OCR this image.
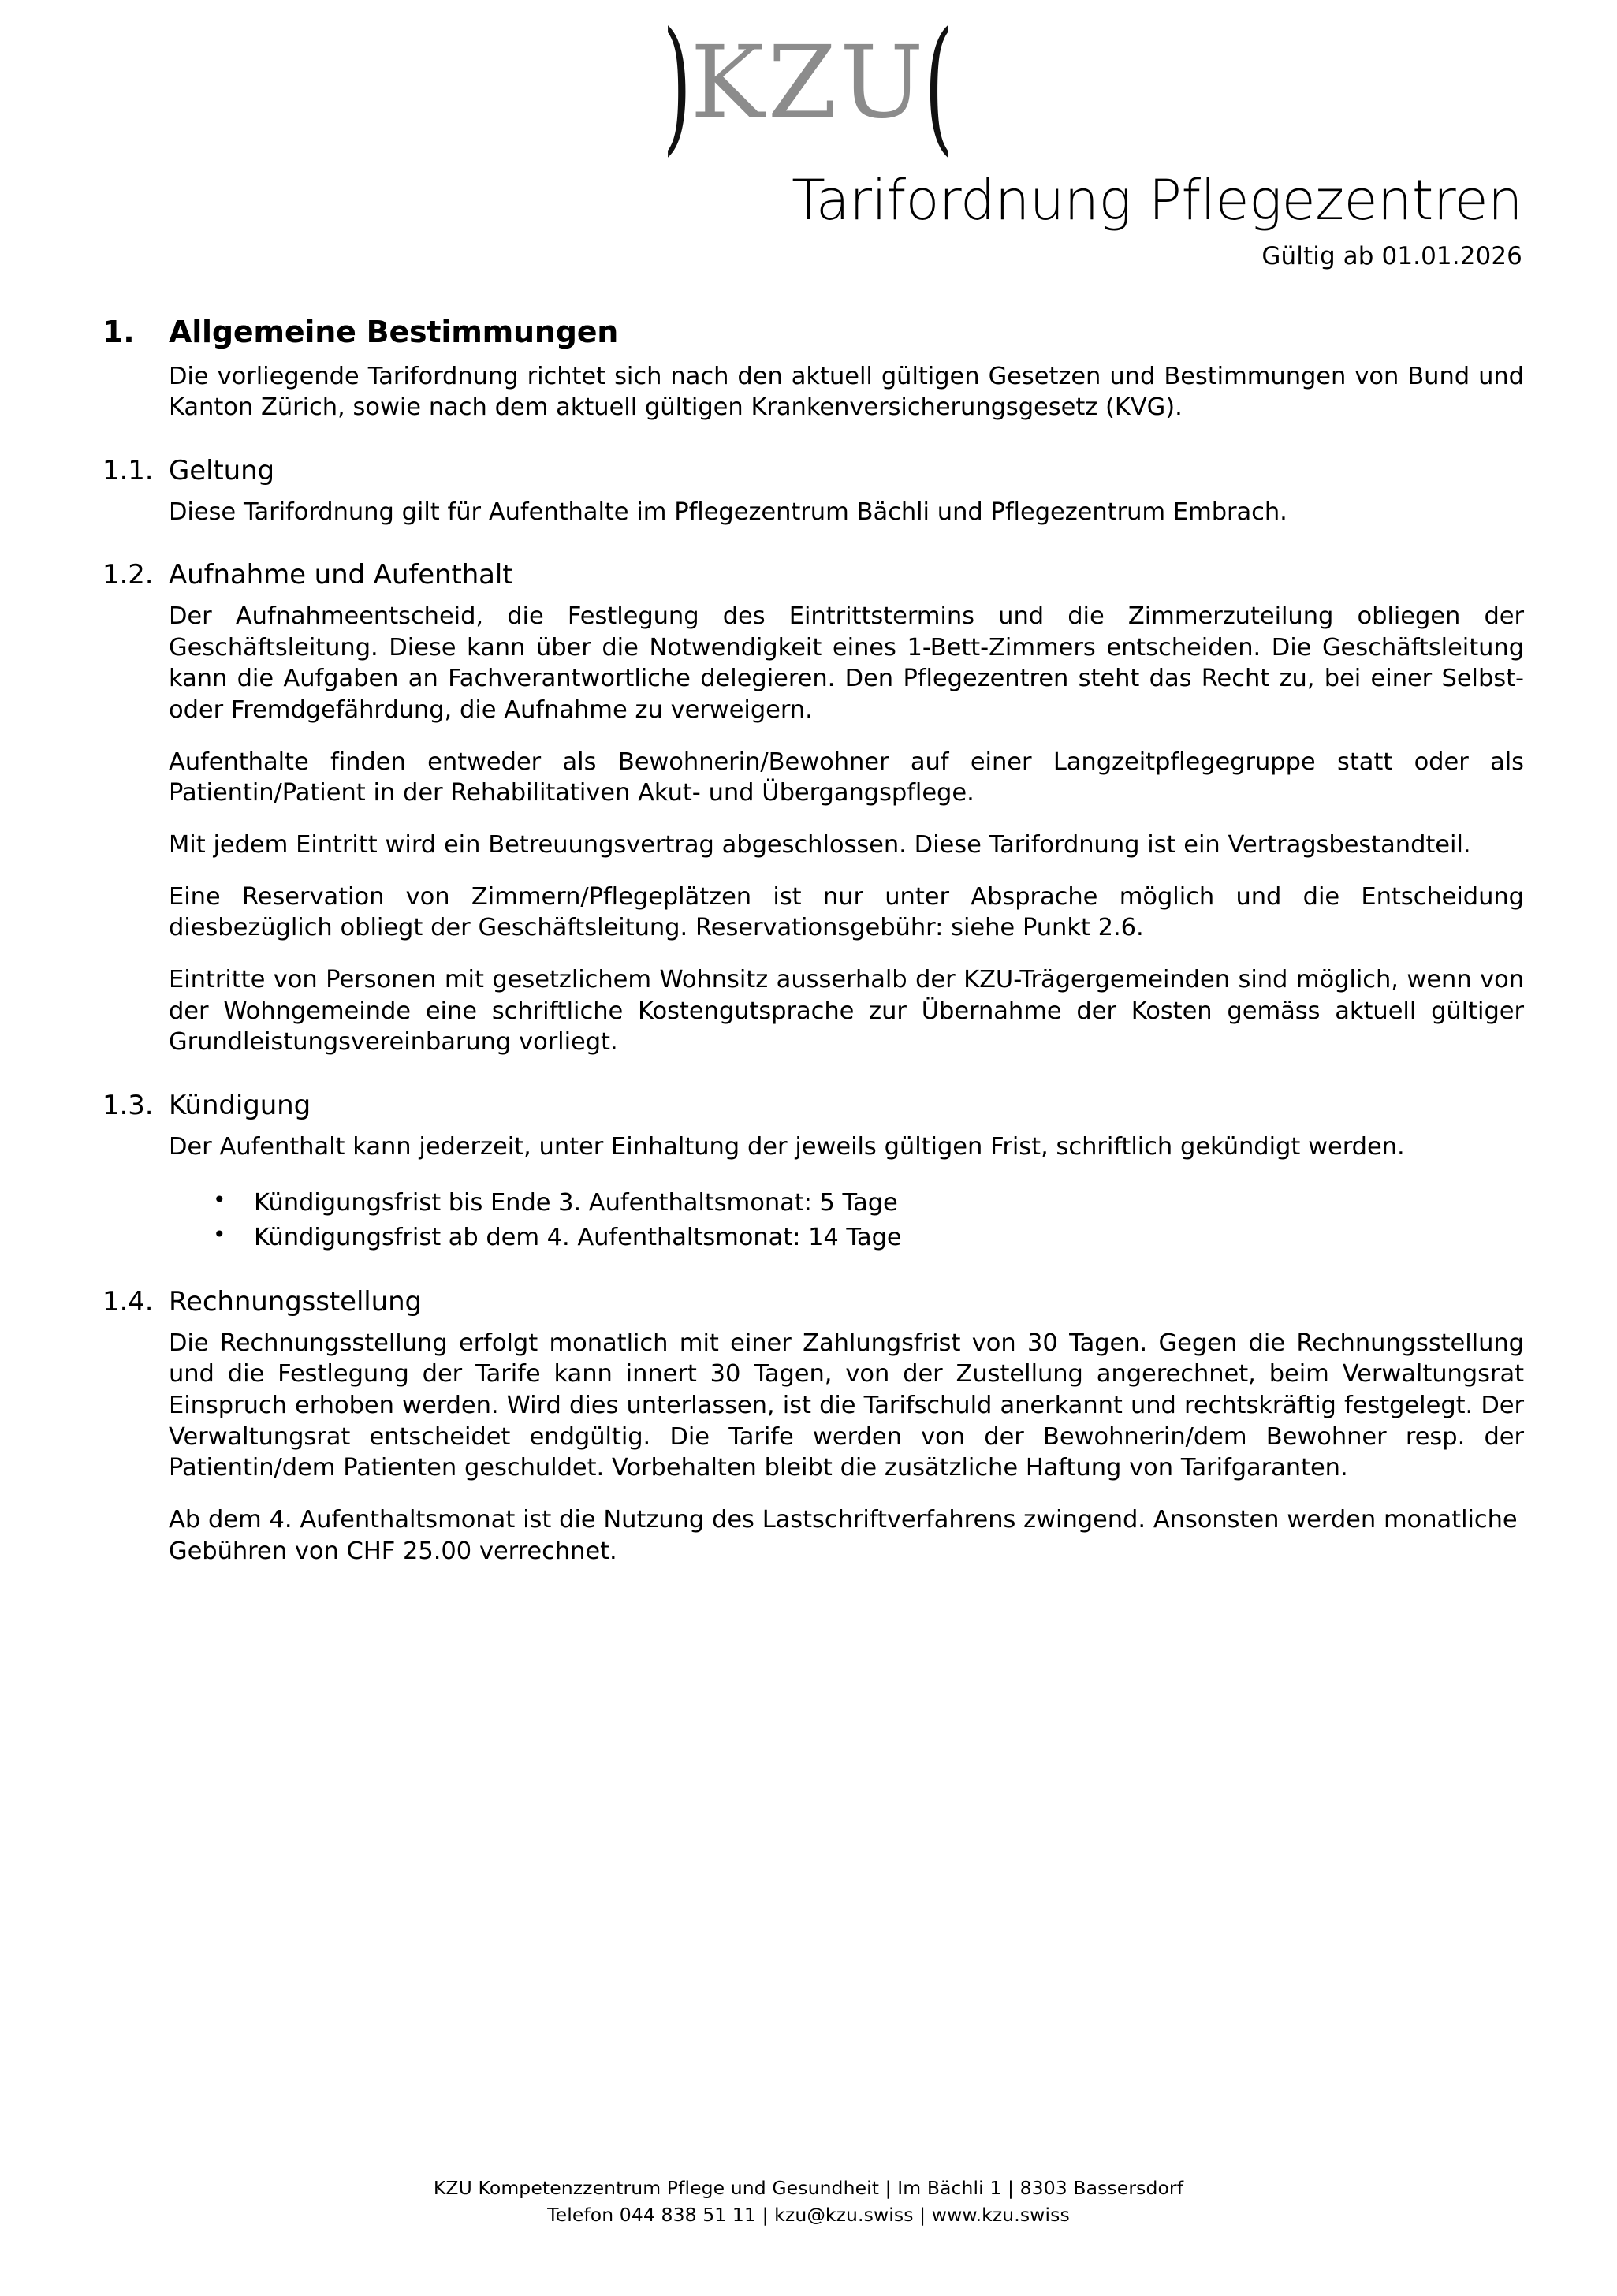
)KZU(
Tarifordnung Pflegezentren
Gültig ab 01.01.2026
1.	Allgemeine Bestimmungen

Die vorliegende Tarifordnung richtet sich nach den aktuell gültigen Gesetzen und Bestimmungen von Bund und Kanton Zürich, sowie nach dem aktuell gültigen Krankenversicherungsgesetz (KVG).

1.1. Geltung

Diese Tarifordnung gilt für Aufenthalte im Pflegezentrum Bächli und Pflegezentrum Embrach.

1.2. Aufnahme und Aufenthalt

Der Aufnahmeentscheid, die Festlegung des Eintrittstermins und die Zimmerzuteilung obliegen der Geschäftsleitung. Diese kann über die Notwendigkeit eines 1-Bett-Zimmers entscheiden. Die Geschäftsleitung kann die Aufgaben an Fachverantwortliche delegieren. Den Pflegezentren steht das Recht zu, bei einer Selbst- oder Fremdgefährdung, die Aufnahme zu verweigern.

Aufenthalte finden entweder als Bewohnerin/Bewohner auf einer Langzeitpflegegruppe statt oder als Patientin/Patient in der Rehabilitativen Akut- und Übergangspflege.

Mit jedem Eintritt wird ein Betreuungsvertrag abgeschlossen. Diese Tarifordnung ist ein Vertragsbestandteil.

Eine Reservation von Zimmern/Pflegeplätzen ist nur unter Absprache möglich und die Entscheidung diesbezüglich obliegt der Geschäftsleitung. Reservationsgebühr: siehe Punkt 2.6.

Eintritte von Personen mit gesetzlichem Wohnsitz ausserhalb der KZU-Trägergemeinden sind möglich, wenn von der Wohngemeinde eine schriftliche Kostengutsprache zur Übernahme der Kosten gemäss aktuell gültiger Grundleistungsvereinbarung vorliegt.

1.3. Kündigung

Der Aufenthalt kann jederzeit, unter Einhaltung der jeweils gültigen Frist, schriftlich gekündigt werden.

• Kündigungsfrist bis Ende 3. Aufenthaltsmonat: 5 Tage
• Kündigungsfrist ab dem 4. Aufenthaltsmonat: 14 Tage
1.4. Rechnungsstellung

Die Rechnungsstellung erfolgt monatlich mit einer Zahlungsfrist von 30 Tagen. Gegen die Rechnungsstellung und die Festlegung der Tarife kann innert 30 Tagen, von der Zustellung angerechnet, beim Verwaltungsrat Einspruch erhoben werden. Wird dies unterlassen, ist die Tarifschuld anerkannt und rechtskräftig festgelegt. Der Verwaltungsrat entscheidet endgültig. Die Tarife werden von der Bewohnerin/dem Bewohner resp. der Patientin/dem Patienten geschuldet. Vorbehalten bleibt die zusätzliche Haftung von Tarifgaranten.

Ab dem 4. Aufenthaltsmonat ist die Nutzung des Lastschriftverfahrens zwingend. Ansonsten werden monatliche Gebühren von CHF 25.00 verrechnet.

KZU Kompetenzzentrum Pflege und Gesundheit | Im Bächli 1 | 8303 Bassersdorf
Telefon 044 838 51 11 | kzu@kzu.swiss | www.kzu.swiss
